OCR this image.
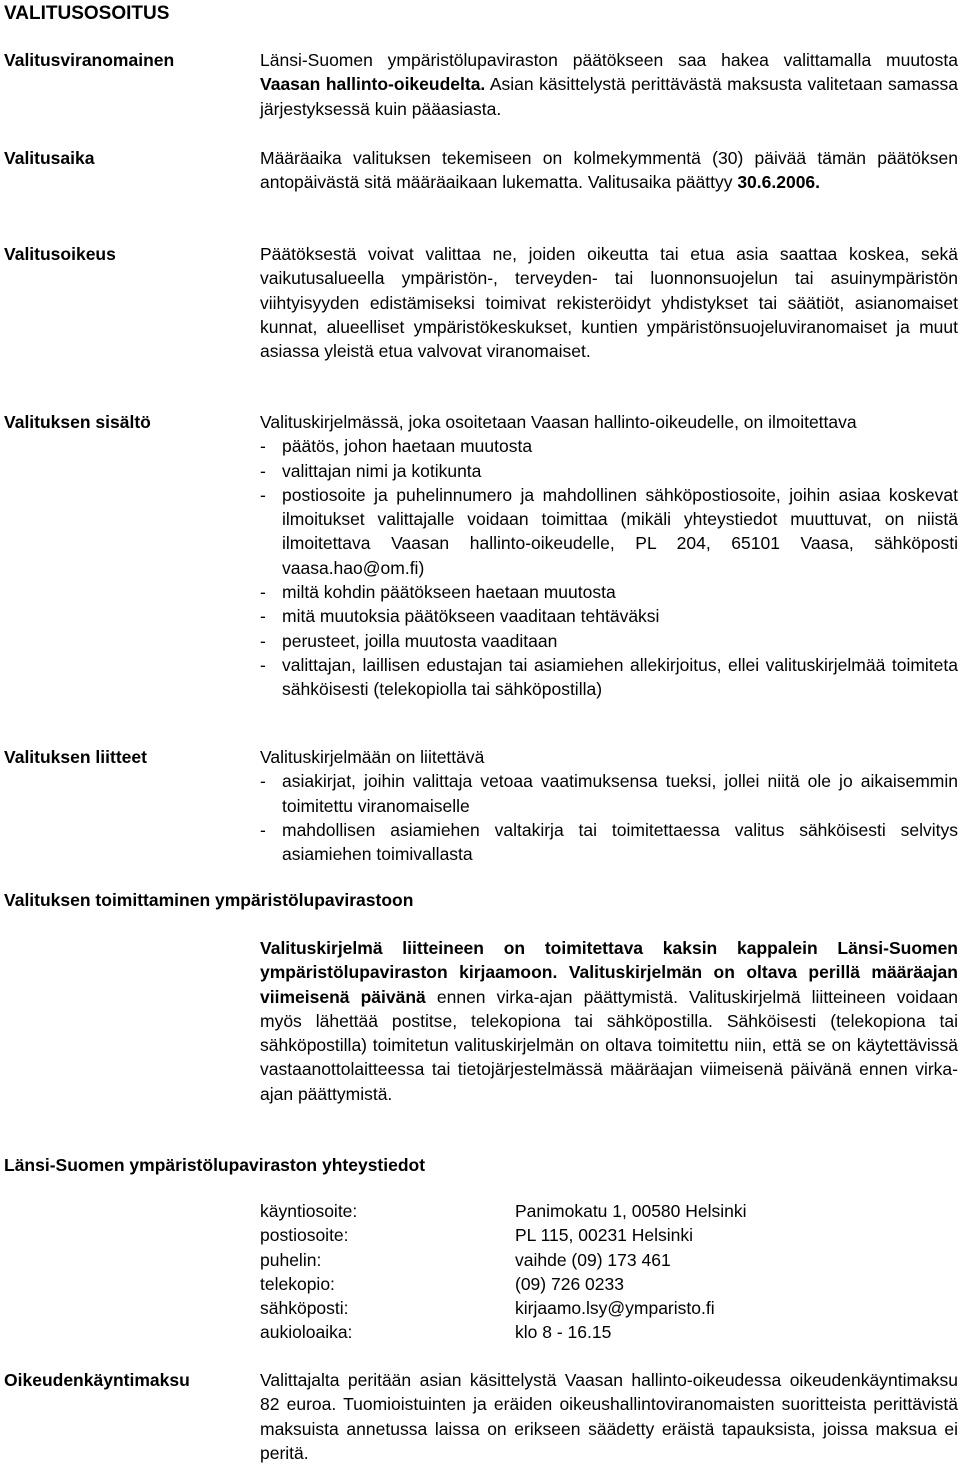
VALITUSOSOITUS
Valitusviranomainen	Länsi-Suomen ympäristölupaviraston päätökseen saa hakea valittamalla muutosta Vaasan hallinto-oikeudelta. Asian käsittelystä perittävästä maksusta valitetaan samassa järjestyksessä kuin pääasiasta.

Valitusaika	Määräaika valituksen tekemiseen on kolmekymmentä (30) päivää tämän päätöksen antopäivästä sitä määräaikaan lukematta. Valitusaika päättyy 30.6.2006.

Valitusoikeus	Päätöksestä voivat valittaa ne, joiden oikeutta tai etua asia saattaa koskea, sekä vaikutusalueella ympäristön-, terveyden- tai luonnonsuojelun tai asuinympäristön viihtyisyyden edistämiseksi toimivat rekisteröidyt yhdistykset tai säätiöt, asianomaiset kunnat, alueelliset ympäristökeskukset, kuntien ympäristönsuojeluviranomaiset ja muut asiassa yleistä etua valvovat viranomaiset.

Valituksen sisältö	Valituskirjelmässä, joka osoitetaan Vaasan hallinto-oikeudelle, on ilmoitettava

- päätös, johon haetaan muutosta
- valittajan nimi ja kotikunta
- postiosoite ja puhelinnumero ja mahdollinen sähköpostiosoite, joihin asiaa koskevat ilmoitukset valittajalle voidaan toimittaa (mikäli yhteystiedot muuttuvat, on niistä ilmoitettava Vaasan hallinto-oikeudelle, PL 204, 65101 Vaasa, sähköposti vaasa.hao@om.fi)
- miltä kohdin päätökseen haetaan muutosta
- mitä muutoksia päätökseen vaaditaan tehtäväksi
- perusteet, joilla muutosta vaaditaan
- valittajan, laillisen edustajan tai asiamiehen allekirjoitus, ellei valituskirjelmää toimiteta sähköisesti (telekopiolla tai sähköpostilla)
Valituksen liitteet	Valituskirjelmään on liitettävä

- asiakirjat, joihin valittaja vetoaa vaatimuksensa tueksi, jollei niitä ole jo aikaisemmin toimitettu viranomaiselle
- mahdollisen asiamiehen valtakirja tai toimitettaessa valitus sähköisesti selvitys asiamiehen toimivallasta
Valituksen toimittaminen ympäristölupavirastoon

Valituskirjelmä liitteineen on toimitettava kaksin kappalein Länsi-Suomen ympäristölupaviraston kirjaamoon. Valituskirjelmän on oltava perillä määräajan viimeisenä päivänä ennen virka-ajan päättymistä. Valituskirjelmä liitteineen voidaan myös lähettää postitse, telekopiona tai sähköpostilla. Sähköisesti (telekopiona tai sähköpostilla) toimitetun valituskirjelmän on oltava toimitettu niin, että se on käytettävissä vastaanottolaitteessa tai tietojärjestelmässä määräajan viimeisenä päivänä ennen virka-ajan päättymistä.

Länsi-Suomen ympäristölupaviraston yhteystiedot
käyntiosoite:	Panimokatu 1, 00580 Helsinki
postiosoite:	PL 115, 00231 Helsinki
puhelin:	vaihde (09) 173 461
telekopio:	(09) 726 0233
sähköposti:	kirjaamo.lsy@ymparisto.fi
aukioloaika:	klo 8 - 16.15
Oikeudenkäyntimaksu	Valittajalta peritään asian käsittelystä Vaasan hallinto-oikeudessa oikeudenkäyntimaksu 82 euroa. Tuomioistuinten ja eräiden oikeushallintoviranomaisten suoritteista perittävistä maksuista annetussa laissa on erikseen säädetty eräistä tapauksista, joissa maksua ei peritä.
